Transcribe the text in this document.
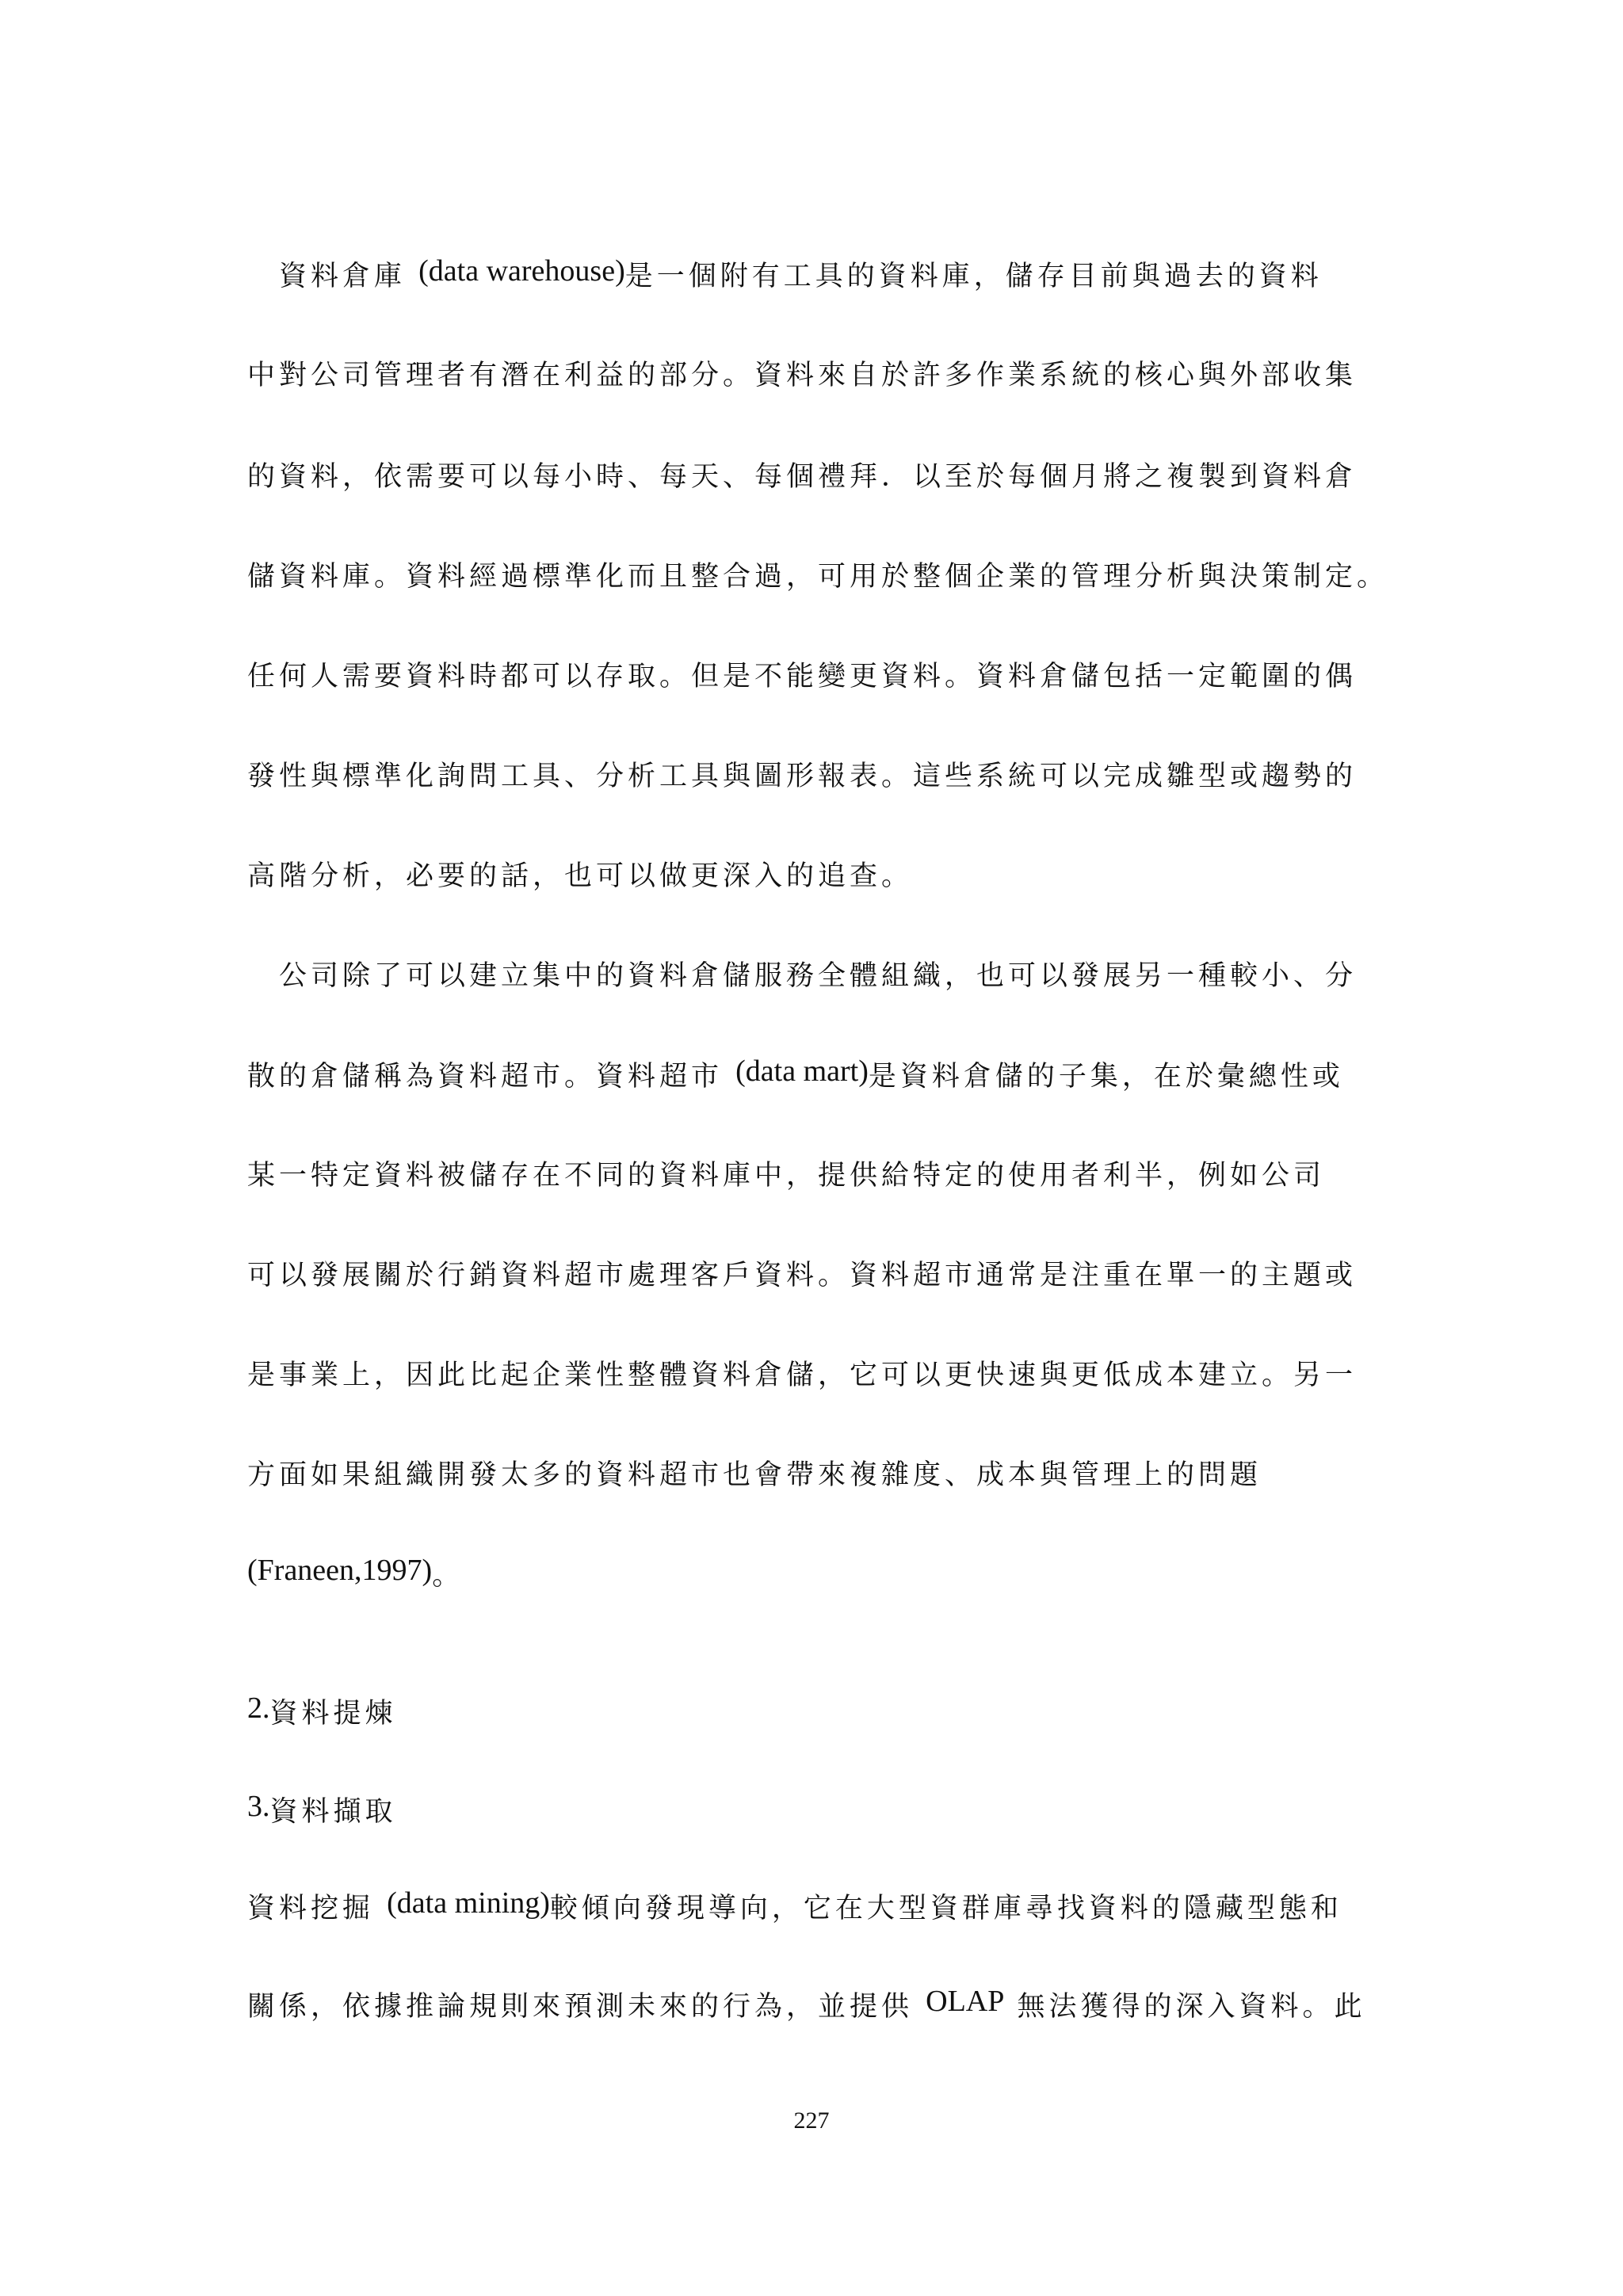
資料倉庫 (data warehouse)是一個附有工具的資料庫，儲存目前與過去的資料
中對公司管理者有潛在利益的部分。資料來自於許多作業系統的核心與外部收集
的資料，依需要可以每小時、每天、每個禮拜．以至於每個月將之複製到資料倉
儲資料庫。資料經過標準化而且整合過，可用於整個企業的管理分析與決策制定。
任何人需要資料時都可以存取。但是不能變更資料。資料倉儲包括一定範圍的偶
發性與標準化詢問工具、分析工具與圖形報表。這些系統可以完成雛型或趨勢的
高階分析，必要的話，也可以做更深入的追查。
公司除了可以建立集中的資料倉儲服務全體組織，也可以發展另一種較小、分
散的倉儲稱為資料超市。資料超市 (data mart)是資料倉儲的子集，在於彙總性或
某一特定資料被儲存在不同的資料庫中，提供給特定的使用者利半，例如公司
可以發展關於行銷資料超市處理客戶資料。資料超市通常是注重在單一的主題或
是事業上，因此比起企業性整體資料倉儲，它可以更快速與更低成本建立。另一
方面如果組織開發太多的資料超市也會帶來複雜度、成本與管理上的問題
(Franeen,1997)。
2.資料提煉
3.資料擷取
資料挖掘 (data mining)較傾向發現導向，它在大型資群庫尋找資料的隱藏型態和
關係，依據推論規則來預測未來的行為，並提供 OLAP 無法獲得的深入資料。此
227
